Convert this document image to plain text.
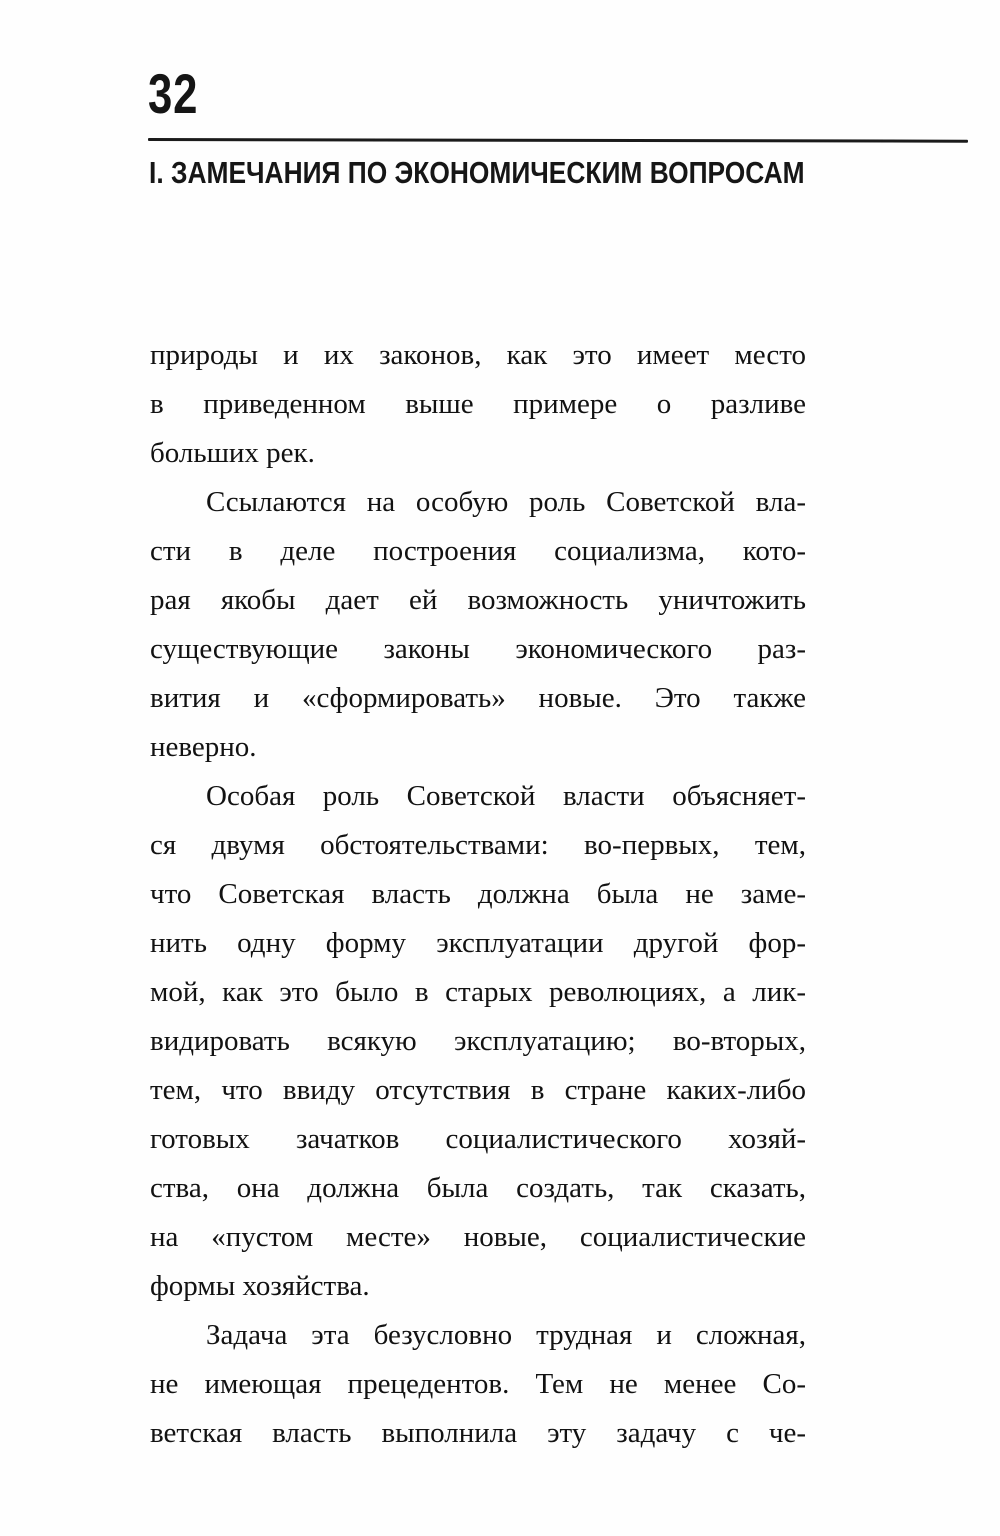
32
I. ЗАМЕЧАНИЯ ПО ЭКОНОМИЧЕСКИМ ВОПРОСАМ
природы и их законов, как это имеет место
в приведенном выше примере о разливе
больших рек.
Ссылаются на особую роль Советской вла-
сти в деле построения социализма, кото-
рая якобы дает ей возможность уничтожить
существующие законы экономического раз-
вития и «сформировать» новые. Это также
неверно.
Особая роль Советской власти объясняет-
ся двумя обстоятельствами: во-первых, тем,
что Советская власть должна была не заме-
нить одну форму эксплуатации другой фор-
мой, как это было в старых революциях, а лик-
видировать всякую эксплуатацию; во-вторых,
тем, что ввиду отсутствия в стране каких-либо
готовых зачатков социалистического хозяй-
ства, она должна была создать, так сказать,
на «пустом месте» новые, социалистические
формы хозяйства.
Задача эта безусловно трудная и сложная,
не имеющая прецедентов. Тем не менее Со-
ветская власть выполнила эту задачу с че-
